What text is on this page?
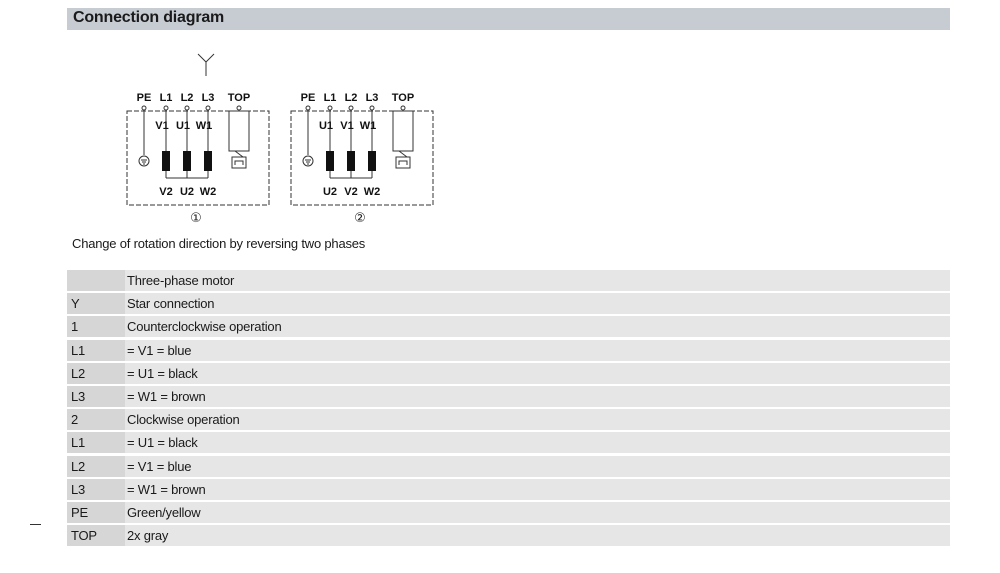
Connection diagram
PE L1 L2 L3 TOP
V1
V2
U1
U2
W1
W2
①
PE L1 L2 L3 TOP
U1
U2
V1
V2
W1
W2
②
Change of rotation direction by reversing two phases
Three-phase motor
Y	Star connection
1	Counterclockwise operation
L1	= V1 = blue
L2	= U1 = black
L3	= W1 = brown
2	Clockwise operation
L1	= U1 = black
L2	= V1 = blue
L3	= W1 = brown
PE	Green/yellow
TOP	2x gray
